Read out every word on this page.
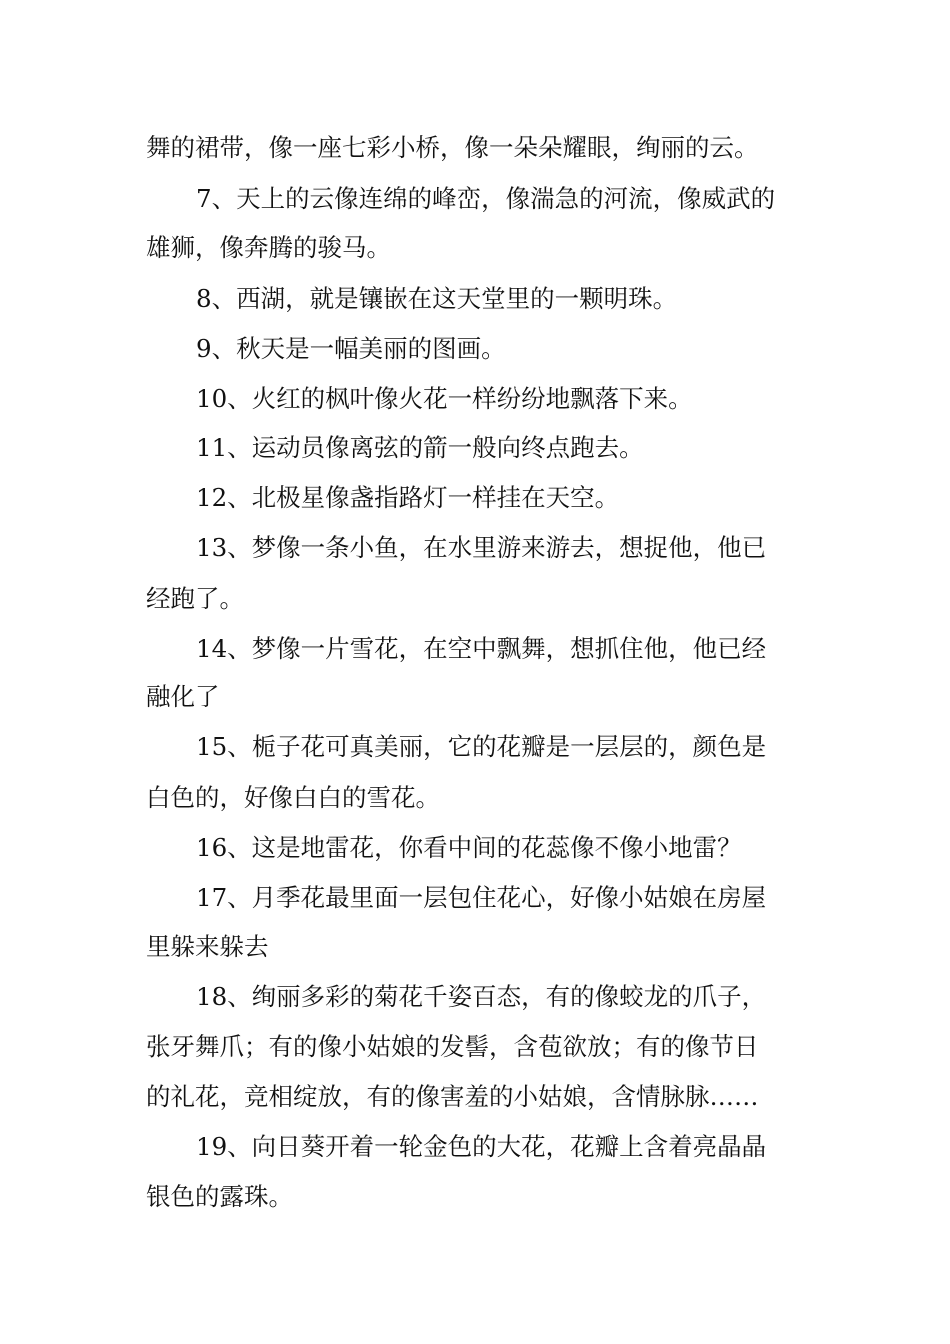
舞的裙带，像一座七彩小桥，像一朵朵耀眼，绚丽的云。
7、天上的云像连绵的峰峦，像湍急的河流，像威武的
雄狮，像奔腾的骏马。
8、西湖，就是镶嵌在这天堂里的一颗明珠。
9、秋天是一幅美丽的图画。
10、火红的枫叶像火花一样纷纷地飘落下来。
11、运动员像离弦的箭一般向终点跑去。
12、北极星像盏指路灯一样挂在天空。
13、梦像一条小鱼，在水里游来游去，想捉他，他已
经跑了。
14、梦像一片雪花，在空中飘舞，想抓住他，他已经
融化了
15、栀子花可真美丽，它的花瓣是一层层的，颜色是
白色的，好像白白的雪花。
16、这是地雷花，你看中间的花蕊像不像小地雷？
17、月季花最里面一层包住花心，好像小姑娘在房屋
里躲来躲去
18、绚丽多彩的菊花千姿百态，有的像蛟龙的爪子，
张牙舞爪；有的像小姑娘的发髻，含苞欲放；有的像节日
的礼花，竞相绽放，有的像害羞的小姑娘，含情脉脉……
19、向日葵开着一轮金色的大花，花瓣上含着亮晶晶
银色的露珠。
